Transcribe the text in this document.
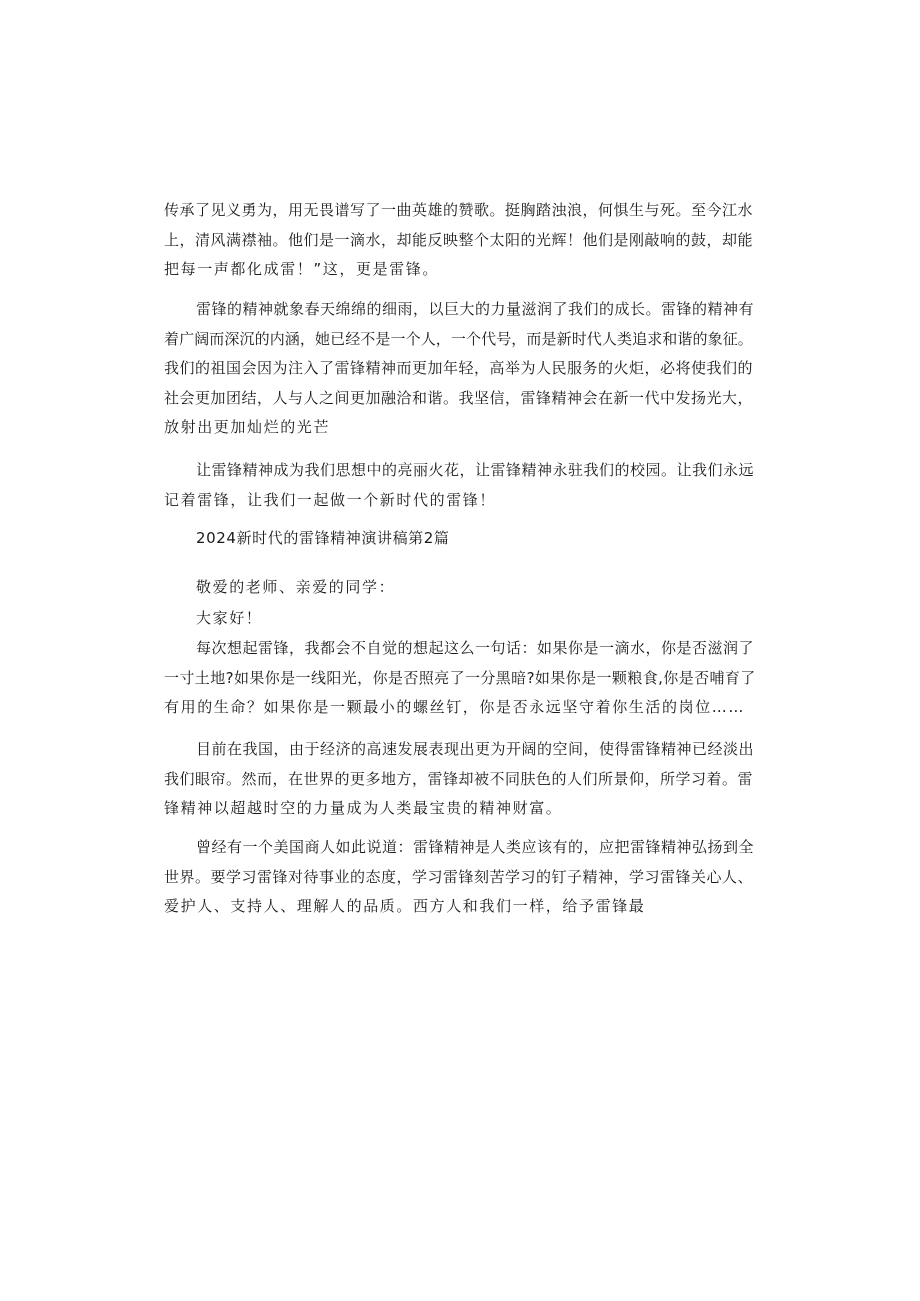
传承了见义勇为，用无畏谱写了一曲英雄的赞歌。挺胸踏浊浪，何惧生与死。至今江水
上，清风满襟袖。他们是一滴水，却能反映整个太阳的光辉！他们是刚敲响的鼓，却能
把每一声都化成雷！”这，更是雷锋。
雷锋的精神就象春天绵绵的细雨，以巨大的力量滋润了我们的成长。雷锋的精神有
着广阔而深沉的内涵，她已经不是一个人，一个代号，而是新时代人类追求和谐的象征。
我们的祖国会因为注入了雷锋精神而更加年轻，高举为人民服务的火炬，必将使我们的
社会更加团结，人与人之间更加融洽和谐。我坚信，雷锋精神会在新一代中发扬光大，
放射出更加灿烂的光芒
让雷锋精神成为我们思想中的亮丽火花，让雷锋精神永驻我们的校园。让我们永远
记着雷锋，让我们一起做一个新时代的雷锋！
2024新时代的雷锋精神演讲稿第2篇
敬爱的老师、亲爱的同学：
大家好！
每次想起雷锋，我都会不自觉的想起这么一句话：如果你是一滴水，你是否滋润了
一寸土地?如果你是一线阳光，你是否照亮了一分黑暗?如果你是一颗粮食,你是否哺育了
有用的生命？如果你是一颗最小的螺丝钉，你是否永远坚守着你生活的岗位……
目前在我国，由于经济的高速发展表现出更为开阔的空间，使得雷锋精神已经淡出
我们眼帘。然而，在世界的更多地方，雷锋却被不同肤色的人们所景仰，所学习着。雷
锋精神以超越时空的力量成为人类最宝贵的精神财富。
曾经有一个美国商人如此说道：雷锋精神是人类应该有的，应把雷锋精神弘扬到全
世界。要学习雷锋对待事业的态度，学习雷锋刻苦学习的钉子精神，学习雷锋关心人、
爱护人、支持人、理解人的品质。西方人和我们一样，给予雷锋最
